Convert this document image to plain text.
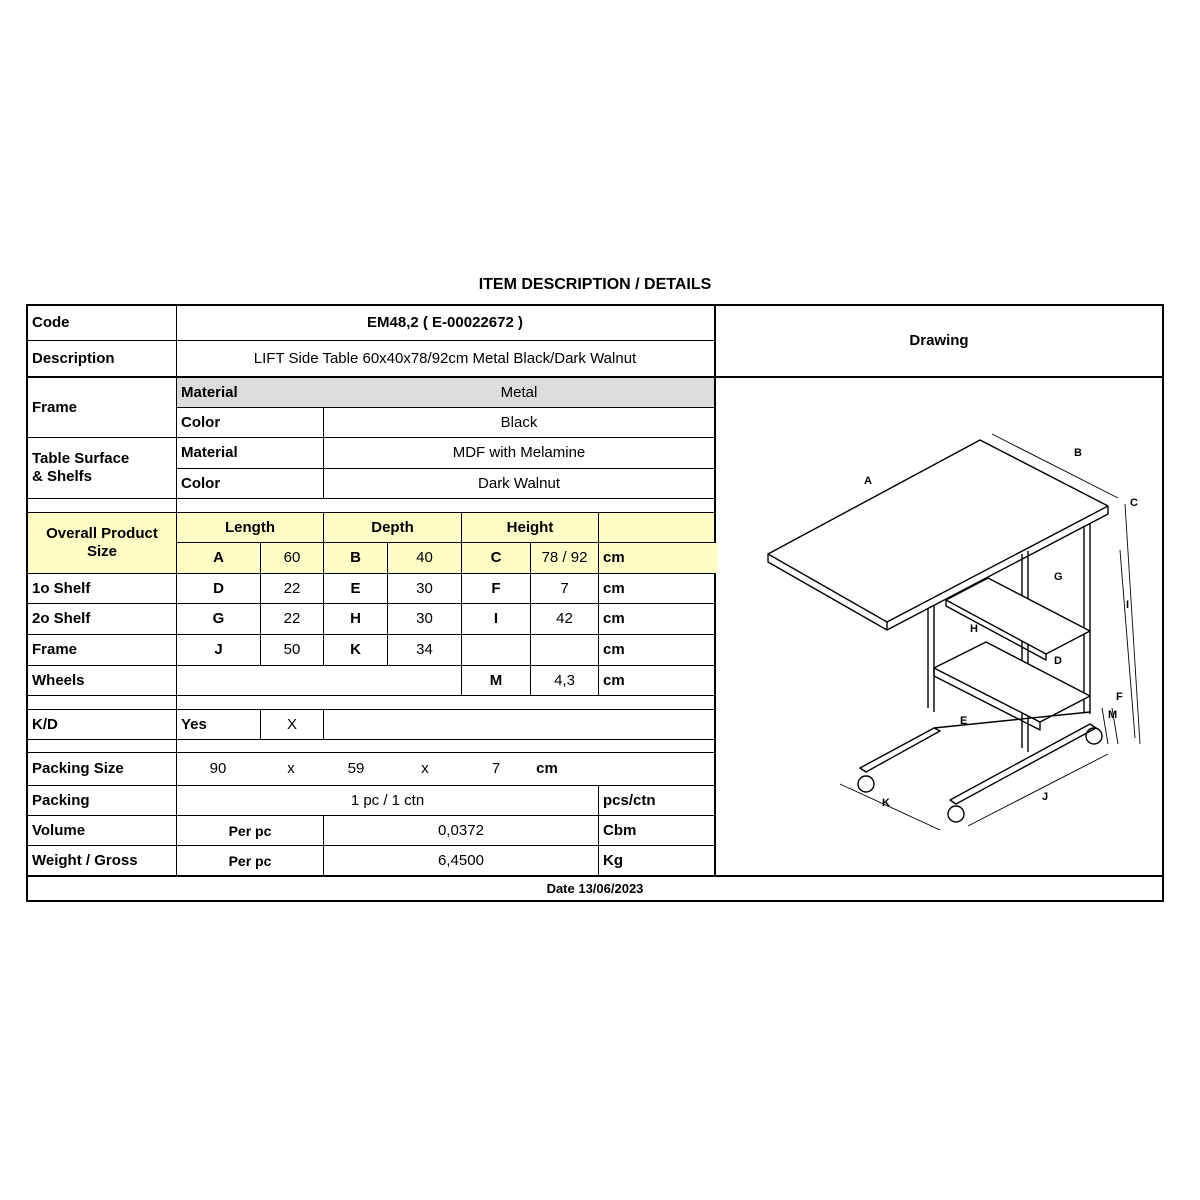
ITEM DESCRIPTION / DETAILS
Code	EM48,2 ( E-00022672 )
Description	LIFT Side Table 60x40x78/92cm Metal Black/Dark Walnut
Drawing
Frame
Material	Metal
Color	Black
Table Surface
& Shelfs
Material	MDF with Melamine
Color	Dark Walnut
Overall Product
Size
Length	Depth	Height
A	60	B	40	C	78 / 92	cm
1o Shelf	D	22	E	30	F	7	cm
2o Shelf	G	22	H	30	I	42	cm
Frame	J	50	K	34	cm
Wheels	M	4,3	cm
K/D	Yes	X
Packing Size	90	x	59	x	7	cm
Packing	1 pc / 1 ctn	pcs/ctn
Volume	Per pc	0,0372	Cbm
Weight / Gross	Per pc	6,4500	Kg
Date 13/06/2023
A
B
C
D
E
F
G
H
I
J
K
M
